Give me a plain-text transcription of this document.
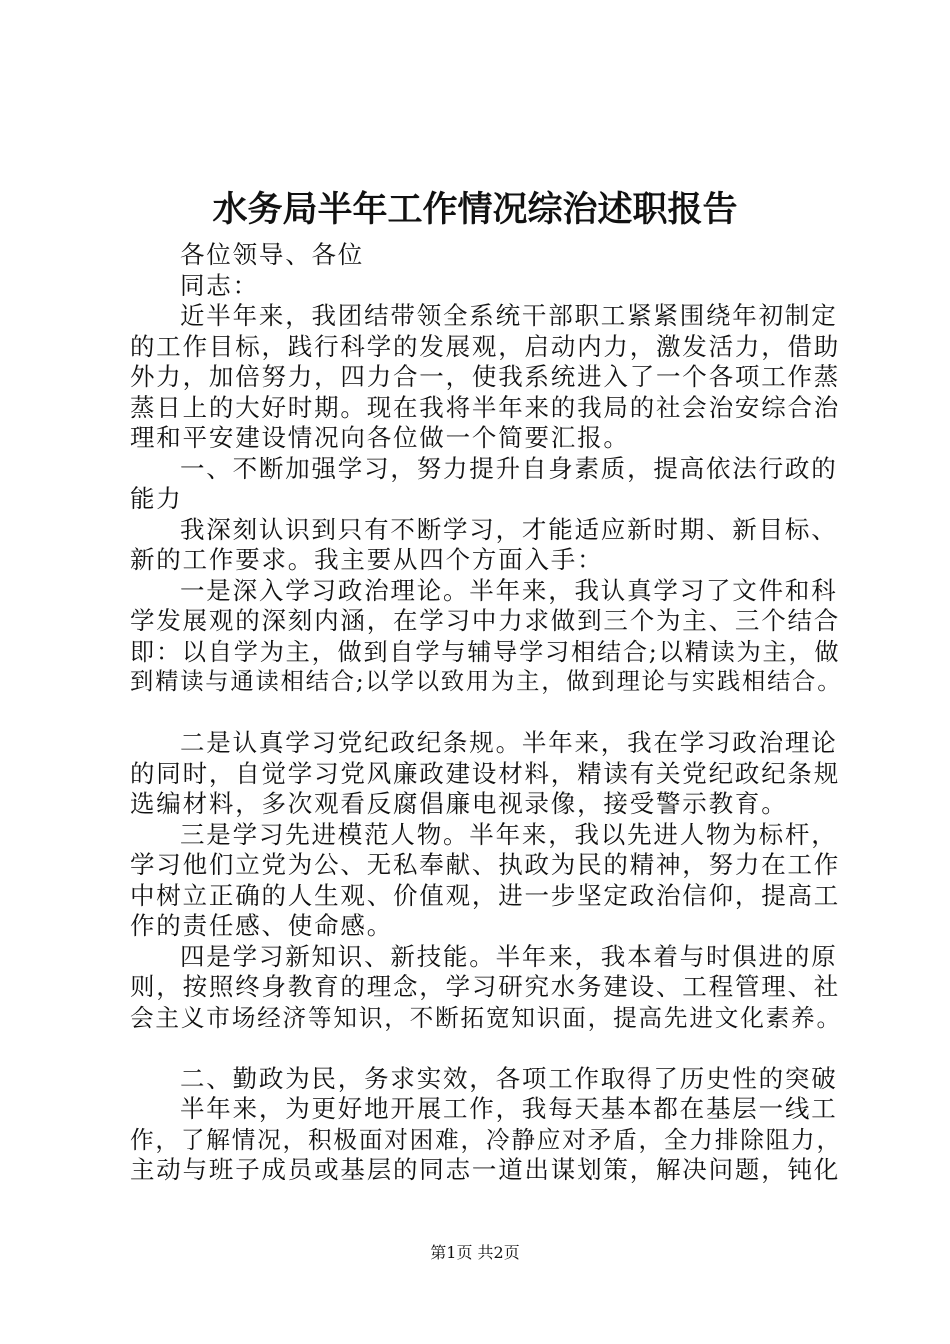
水务局半年工作情况综治述职报告
各位领导、各位
同志：
近半年来，我团结带领全系统干部职工紧紧围绕年初制定
的工作目标，践行科学的发展观，启动内力，激发活力，借助
外力，加倍努力，四力合一，使我系统进入了一个各项工作蒸
蒸日上的大好时期。现在我将半年来的我局的社会治安综合治
理和平安建设情况向各位做一个简要汇报。
一、不断加强学习，努力提升自身素质，提高依法行政的
能力
我深刻认识到只有不断学习，才能适应新时期、新目标、
新的工作要求。我主要从四个方面入手：
一是深入学习政治理论。半年来，我认真学习了文件和科
学发展观的深刻内涵，在学习中力求做到三个为主、三个结合
即：以自学为主，做到自学与辅导学习相结合;以精读为主，做
到精读与通读相结合;以学以致用为主，做到理论与实践相结合。
二是认真学习党纪政纪条规。半年来，我在学习政治理论
的同时，自觉学习党风廉政建设材料，精读有关党纪政纪条规
选编材料，多次观看反腐倡廉电视录像，接受警示教育。
三是学习先进模范人物。半年来，我以先进人物为标杆，
学习他们立党为公、无私奉献、执政为民的精神，努力在工作
中树立正确的人生观、价值观，进一步坚定政治信仰，提高工
作的责任感、使命感。
四是学习新知识、新技能。半年来，我本着与时俱进的原
则，按照终身教育的理念，学习研究水务建设、工程管理、社
会主义市场经济等知识，不断拓宽知识面，提高先进文化素养。
二、勤政为民，务求实效，各项工作取得了历史性的突破
半年来，为更好地开展工作，我每天基本都在基层一线工
作，了解情况，积极面对困难，冷静应对矛盾，全力排除阻力，
主动与班子成员或基层的同志一道出谋划策，解决问题，钝化
第1页 共2页
